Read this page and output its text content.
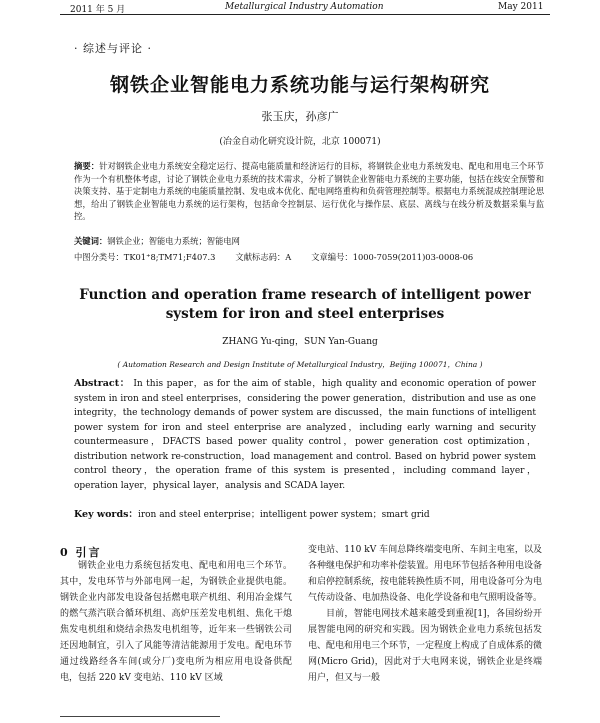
2011 年 5 月	Metallurgical Industry Automation	May 2011
· 综述与评论 ·
钢铁企业智能电力系统功能与运行架构研究
张玉庆，孙彦广
(冶金自动化研究设计院，北京 100071)
摘要：针对钢铁企业电力系统安全稳定运行、提高电能质量和经济运行的目标，将钢铁企业电力系统发电、配电和用电三个环节作为一个有机整体考虑，讨论了钢铁企业电力系统的技术需求，分析了钢铁企业智能电力系统的主要功能，包括在线安全预警和决策支持、基于定制电力系统的电能质量控制、发电成本优化、配电网络重构和负荷管理控制等。根据电力系统混成控制理论思想，给出了钢铁企业智能电力系统的运行架构，包括命令控制层、运行优化与操作层、底层、离线与在线分析及数据采集与监控。
关键词：钢铁企业；智能电力系统；智能电网
中图分类号：TK01⁺8;TM71;F407.3 文献标志码：A 文章编号：1000-7059(2011)03-0008-06
Function and operation frame research of intelligent power system for iron and steel enterprises
ZHANG Yu-qing，SUN Yan-Guang
( Automation Research and Design Institute of Metallurgical Industry，Beijing 100071，China )
Abstract： In this paper，as for the aim of stable，high quality and economic operation of power system in iron and steel enterprises，considering the power generation，distribution and use as one integrity，the technology demands of power system are discussed，the main functions of intelligent power system for iron and steel enterprise are analyzed，including early warning and security countermeasure，DFACTS based power quality control，power generation cost optimization，distribution network re-construction，load management and control. Based on hybrid power system control theory，the operation frame of this system is presented，including command layer，operation layer，physical layer，analysis and SCADA layer.
Key words：iron and steel enterprise；intelligent power system；smart grid
0 引言
钢铁企业电力系统包括发电、配电和用电三个环节。其中，发电环节与外部电网一起，为钢铁企业提供电能。钢铁企业内部发电设备包括燃电联产机组、利用冶金煤气的燃气蒸汽联合循环机组、高炉压差发电机组、焦化干熄焦发电机组和烧结余热发电机组等，近年来一些钢铁公司还因地制宜，引入了风能等清洁能源用于发电。配电环节通过线路经各车间(或分厂)变电所为相应用电设备供配电，包括 220 kV 变电站、110 kV 区域

变电站、110 kV 车间总降终端变电所、车间主电室，以及各种继电保护和功率补偿装置。用电环节包括各种用电设备和启停控制系统，按电能转换性质不同，用电设备可分为电气传动设备、电加热设备、电化学设备和电气照明设备等。

目前，智能电网技术越来越受到重视[1]，各国纷纷开展智能电网的研究和实践。因为钢铁企业电力系统包括发电、配电和用电三个环节，一定程度上构成了自成体系的微网(Micro Grid)，因此对于大电网来说，钢铁企业是终端用户，但又与一般
